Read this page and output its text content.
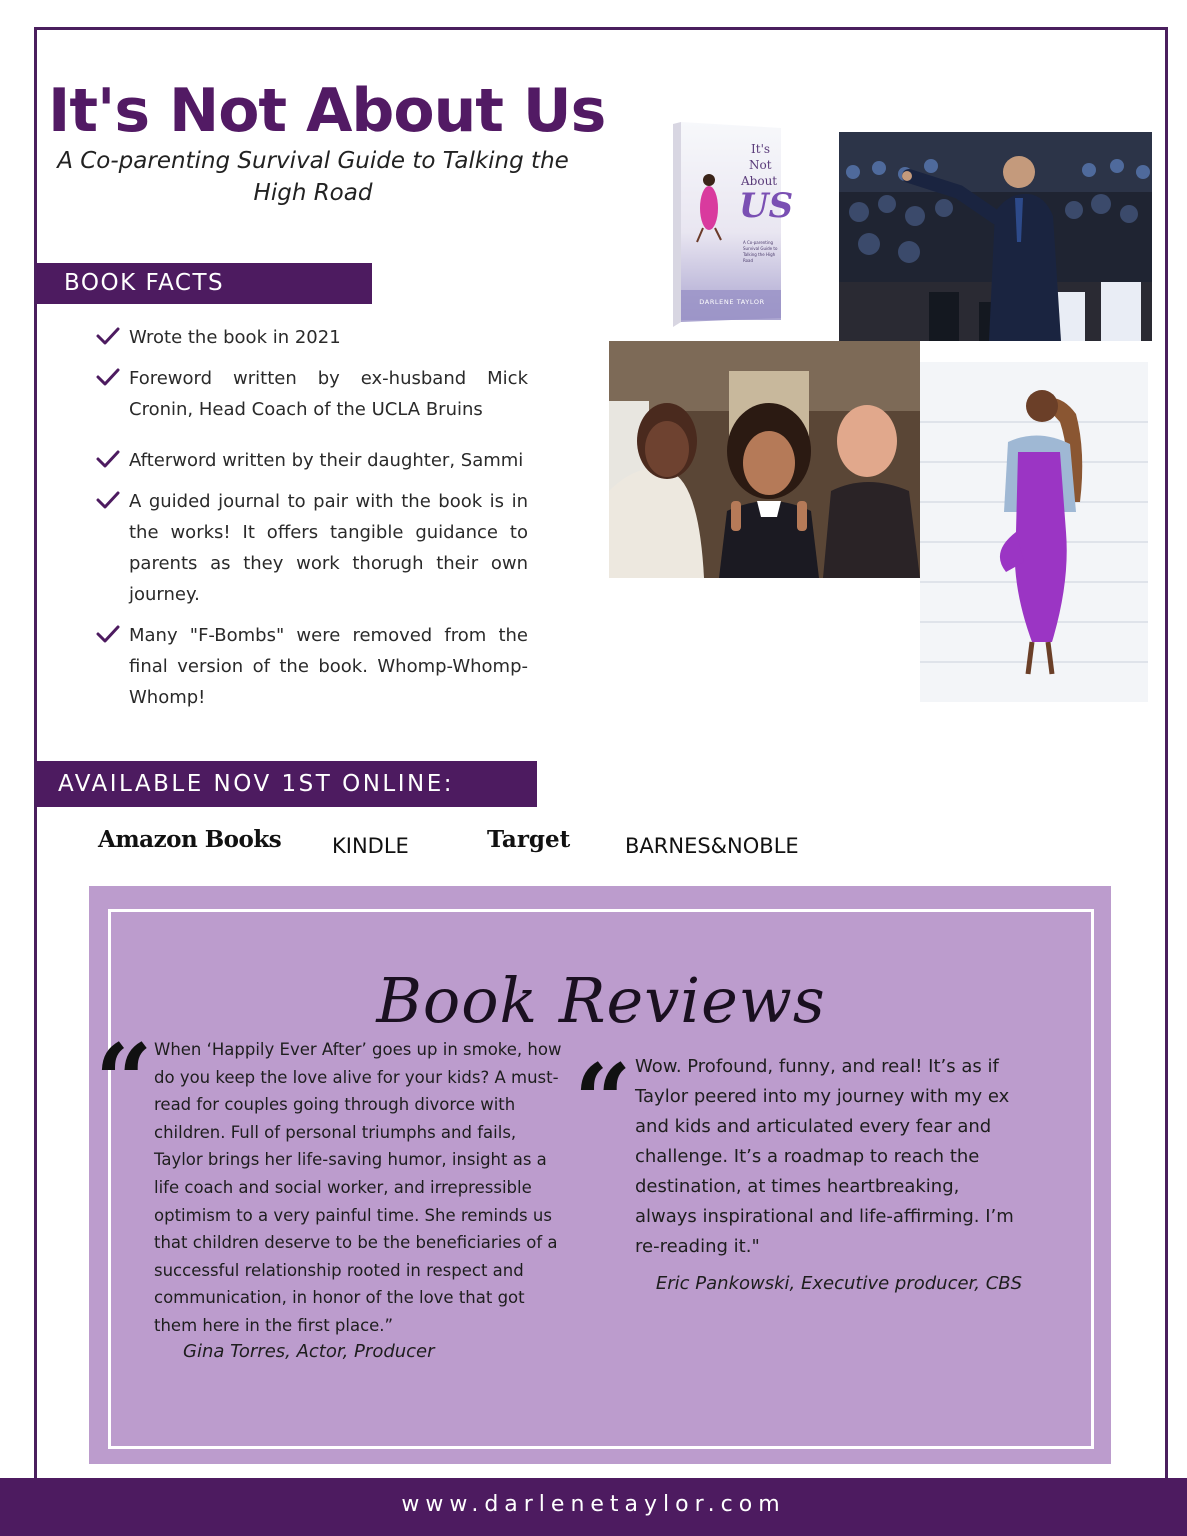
It's Not About Us

A Co-parenting Survival Guide to Talking the High Road

BOOK FACTS
Wrote the book in 2021
Foreword written by ex-husband Mick Cronin, Head Coach of the UCLA Bruins
Afterword written by their daughter, Sammi
A guided journal to pair with the book is in the works! It offers tangible guidance to parents as they work thorugh their own journey.
Many "F-Bombs" were removed from the final version of the book. Whomp-Whomp-Whomp!
AVAILABLE NOV 1ST ONLINE:
Amazon Books KINDLE	Target	BARNES&NOBLE
It's
Not
About
US
A Co-parenting Survival Guide to Talking the High Road
DARLENE TAYLOR
Book Reviews
“ When ‘Happily Ever After’ goes up in smoke, how do you keep the love alive for your kids? A must-read for couples going through divorce with children. Full of personal triumphs and fails, Taylor brings her life-saving humor, insight as a life coach and social worker, and irrepressible optimism to a very painful time. She reminds us that children deserve to be the beneficiaries of a successful relationship rooted in respect and communication, in honor of the love that got them here in the first place.”

Gina Torres, Actor, Producer

“ Wow. Profound, funny, and real! It’s as if Taylor peered into my journey with my ex and kids and articulated every fear and challenge. It’s a roadmap to reach the destination, at times heartbreaking, always inspirational and life-affirming. I’m re-reading it."

Eric Pankowski, Executive producer, CBS

www.darlenetaylor.com
